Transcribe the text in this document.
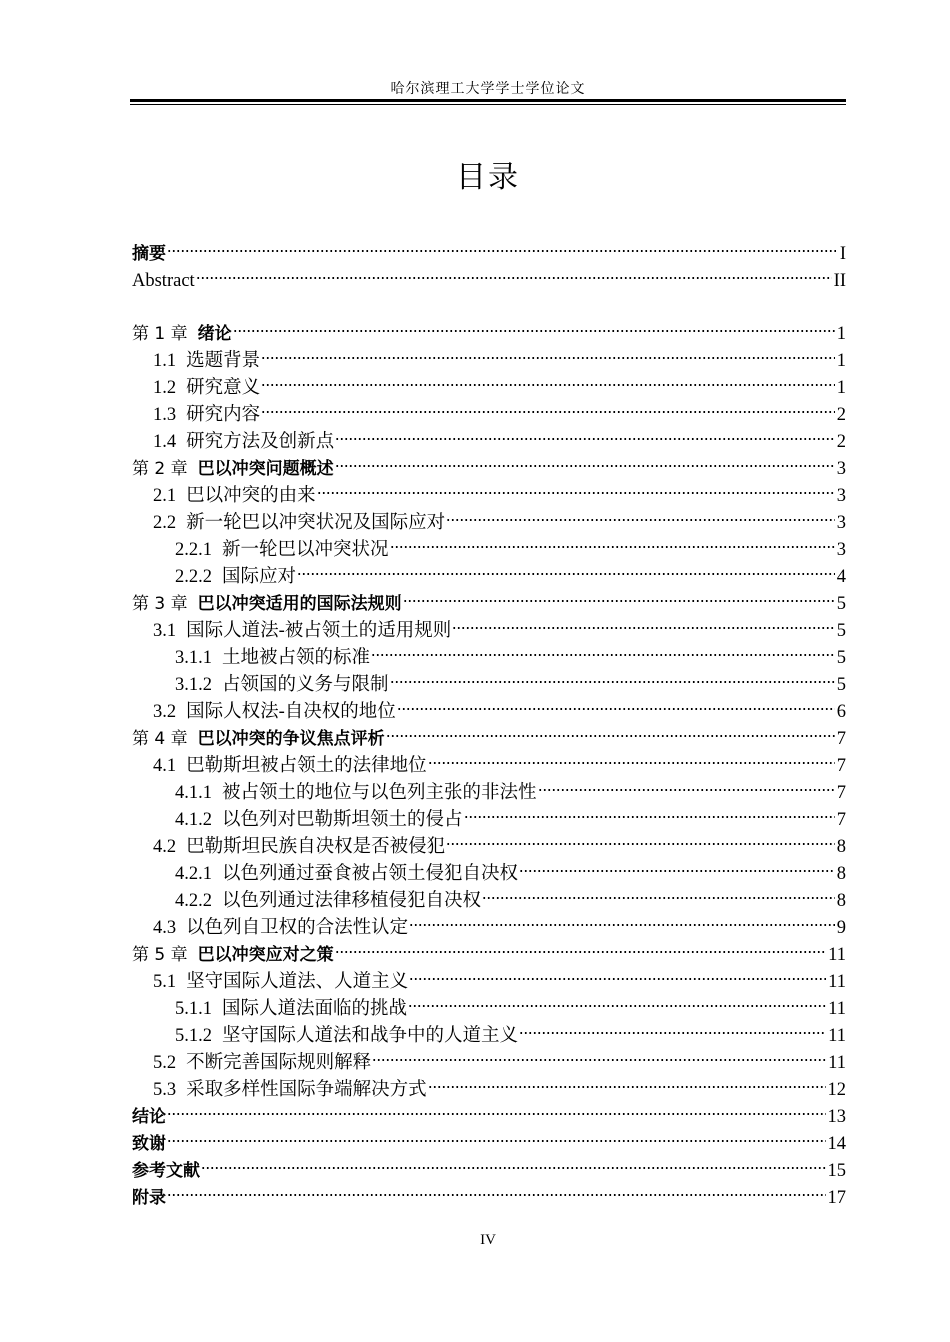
哈尔滨理工大学学士学位论文
目录
摘要	I
Abstract	II
第 1 章 绪论	1
1.1 选题背景	1
1.2 研究意义	1
1.3 研究内容	2
1.4 研究方法及创新点	2
第 2 章 巴以冲突问题概述	3
2.1 巴以冲突的由来	3
2.2 新一轮巴以冲突状况及国际应对	3
2.2.1 新一轮巴以冲突状况	3
2.2.2 国际应对	4
第 3 章 巴以冲突适用的国际法规则	5
3.1 国际人道法-被占领土的适用规则	5
3.1.1 土地被占领的标准	5
3.1.2 占领国的义务与限制	5
3.2 国际人权法-自决权的地位	6
第 4 章 巴以冲突的争议焦点评析	7
4.1 巴勒斯坦被占领土的法律地位	7
4.1.1 被占领土的地位与以色列主张的非法性	7
4.1.2 以色列对巴勒斯坦领土的侵占	7
4.2 巴勒斯坦民族自决权是否被侵犯	8
4.2.1 以色列通过蚕食被占领土侵犯自决权	8
4.2.2 以色列通过法律移植侵犯自决权	8
4.3 以色列自卫权的合法性认定	9
第 5 章 巴以冲突应对之策	11
5.1 坚守国际人道法、人道主义	11
5.1.1 国际人道法面临的挑战	11
5.1.2 坚守国际人道法和战争中的人道主义	11
5.2 不断完善国际规则解释	11
5.3 采取多样性国际争端解决方式	12
结论	13
致谢	14
参考文献	15
附录	17
IV
